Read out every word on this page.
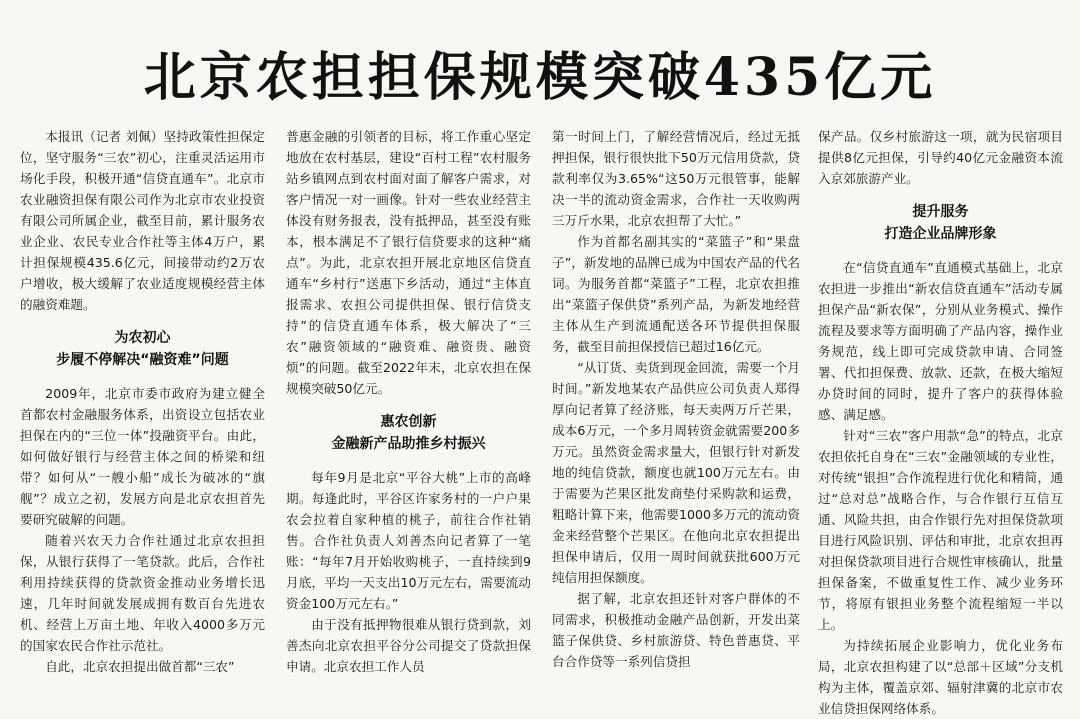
北京农担担保规模突破435亿元

本报讯（记者 刘佩）坚持政策性担保定位，坚守服务“三农”初心，注重灵活运用市场化手段，积极开通“信贷直通车”。北京市农业融资担保有限公司作为北京市农业投资有限公司所属企业，截至目前，累计服务农业企业、农民专业合作社等主体4万户，累计担保规模435.6亿元，间接带动约2万农户增收，极大缓解了农业适度规模经营主体的融资难题。

为农初心
步履不停解决“融资难”问题

2009年，北京市委市政府为建立健全首都农村金融服务体系，出资设立包括农业担保在内的“三位一体”投融资平台。由此，如何做好银行与经营主体之间的桥梁和纽带？如何从“一艘小船”成长为破冰的“旗舰”？成立之初，发展方向是北京农担首先要研究破解的问题。

随着兴农天力合作社通过北京农担担保，从银行获得了一笔贷款。此后，合作社利用持续获得的贷款资金推动业务增长迅速，几年时间就发展成拥有数百台先进农机、经营上万亩土地、年收入4000多万元的国家农民合作社示范社。

自此，北京农担提出做首都“三农”

普惠金融的引领者的目标，将工作重心坚定地放在农村基层，建设“百村工程”农村服务站乡镇网点到农村面对面了解客户需求，对客户情况一对一画像。针对一些农业经营主体没有财务报表，没有抵押品，甚至没有账本，根本满足不了银行信贷要求的这种“痛点”。为此，北京农担开展北京地区信贷直通车“乡村行”送惠下乡活动，通过“主体直报需求、农担公司提供担保、银行信贷支持”的信贷直通车体系，极大解决了“三农”融资领域的“融资难、融资贵、融资烦”的问题。截至2022年末，北京农担在保规模突破50亿元。

惠农创新
金融新产品助推乡村振兴

每年9月是北京“平谷大桃”上市的高峰期。每逢此时，平谷区许家务村的一户户果农会拉着自家种植的桃子，前往合作社销售。合作社负责人刘善杰向记者算了一笔账：“每年7月开始收购桃子，一直持续到9月底，平均一天支出10万元左右，需要流动资金100万元左右。”

由于没有抵押物很难从银行贷到款，刘善杰向北京农担平谷分公司提交了贷款担保申请。北京农担工作人员

第一时间上门，了解经营情况后，经过无抵押担保，银行很快批下50万元信用贷款，贷款利率仅为3.65%“这50万元很管事，能解决一半的流动资金需求，合作社一天收购两三万斤水果，北京农担帮了大忙。”

作为首都名副其实的“菜篮子”和“果盘子”，新发地的品牌已成为中国农产品的代名词。为服务首都“菜篮子”工程，北京农担推出“菜篮子保供贷”系列产品，为新发地经营主体从生产到流通配送各环节提供担保服务，截至目前担保授信已超过16亿元。

“从订货、卖货到现金回流，需要一个月时间。”新发地某农产品供应公司负责人郑得厚向记者算了经济账，每天卖两万斤芒果，成本6万元，一个多月周转资金就需要200多万元。虽然资金需求量大，但银行针对新发地的纯信贷款，额度也就100万元左右。由于需要为芒果区批发商垫付采购款和运费，粗略计算下来，他需要1000多万元的流动资金来经营整个芒果区。在他向北京农担提出担保申请后，仅用一周时间就获批600万元纯信用担保额度。

据了解，北京农担还针对客户群体的不同需求，积极推动金融产品创新，开发出菜篮子保供贷、乡村旅游贷、特色普惠贷、平台合作贷等一系列信贷担

保产品。仅乡村旅游这一项，就为民宿项目提供8亿元担保，引导约40亿元金融资本流入京郊旅游产业。

提升服务
打造企业品牌形象

在“信贷直通车”直通模式基础上，北京农担进一步推出“新农信贷直通车”活动专属担保产品“新农保”，分别从业务模式、操作流程及要求等方面明确了产品内容，操作业务规范，线上即可完成贷款申请、合同签署、代扣担保费、放款、还款，在极大缩短办贷时间的同时，提升了客户的获得体验感、满足感。

针对“三农”客户用款“急”的特点，北京农担依托自身在“三农”金融领域的专业性，对传统“银担”合作流程进行优化和精简，通过“总对总”战略合作，与合作银行互信互通、风险共担，由合作银行先对担保贷款项目进行风险识别、评估和审批，北京农担再对担保贷款项目进行合规性审核确认，批量担保备案，不做重复性工作、减少业务环节，将原有银担业务整个流程缩短一半以上。

为持续拓展企业影响力，优化业务布局，北京农担构建了以“总部＋区域”分支机构为主体，覆盖京郊、辐射津冀的北京市农业信贷担保网络体系。
